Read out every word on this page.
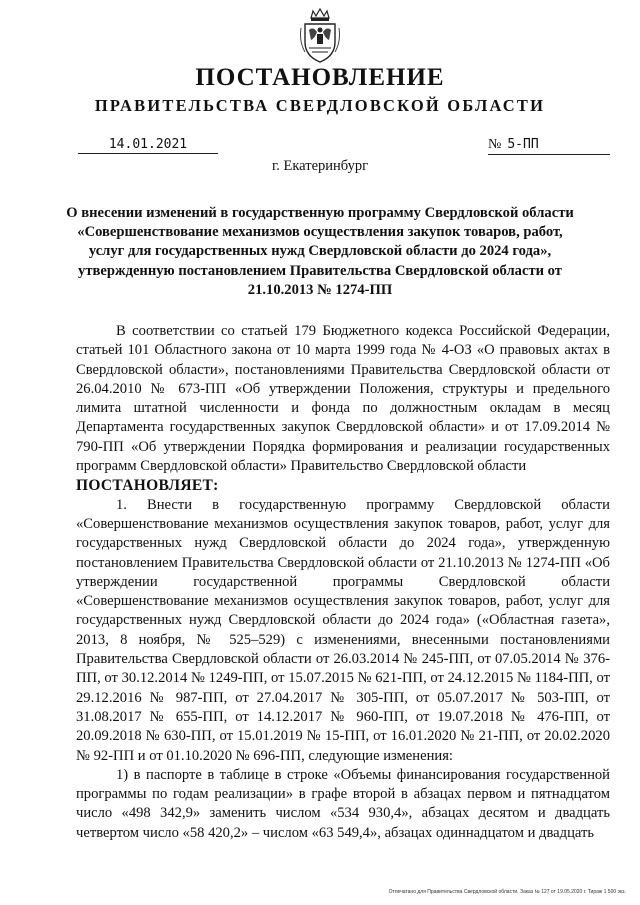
ПОСТАНОВЛЕНИЕ
ПРАВИТЕЛЬСТВА СВЕРДЛОВСКОЙ ОБЛАСТИ
14.01.2021	№ 5-ПП
г. Екатеринбург
О внесении изменений в государственную программу Свердловской области «Совершенствование механизмов осуществления закупок товаров, работ, услуг для государственных нужд Свердловской области до 2024 года», утвержденную постановлением Правительства Свердловской области от 21.10.2013 № 1274-ПП

В соответствии со статьей 179 Бюджетного кодекса Российской Федерации, статьей 101 Областного закона от 10 марта 1999 года № 4-ОЗ «О правовых актах в Свердловской области», постановлениями Правительства Свердловской области от 26.04.2010 № 673-ПП «Об утверждении Положения, структуры и предельного лимита штатной численности и фонда по должностным окладам в месяц Департамента государственных закупок Свердловской области» и от 17.09.2014 № 790-ПП «Об утверждении Порядка формирования и реализации государственных программ Свердловской области» Правительство Свердловской области

ПОСТАНОВЛЯЕТ:

1. Внести в государственную программу Свердловской области «Совершенствование механизмов осуществления закупок товаров, работ, услуг для государственных нужд Свердловской области до 2024 года», утвержденную постановлением Правительства Свердловской области от 21.10.2013 № 1274-ПП «Об утверждении государственной программы Свердловской области «Совершенствование механизмов осуществления закупок товаров, работ, услуг для государственных нужд Свердловской области до 2024 года» («Областная газета», 2013, 8 ноября, № 525–529) с изменениями, внесенными постановлениями Правительства Свердловской области от 26.03.2014 № 245-ПП, от 07.05.2014 № 376-ПП, от 30.12.2014 № 1249-ПП, от 15.07.2015 № 621-ПП, от 24.12.2015 № 1184-ПП, от 29.12.2016 № 987-ПП, от 27.04.2017 № 305-ПП, от 05.07.2017 № 503-ПП, от 31.08.2017 № 655-ПП, от 14.12.2017 № 960-ПП, от 19.07.2018 № 476-ПП, от 20.09.2018 № 630-ПП, от 15.01.2019 № 15-ПП, от 16.01.2020 № 21-ПП, от 20.02.2020 № 92-ПП и от 01.10.2020 № 696-ПП, следующие изменения:

1) в паспорте в таблице в строке «Объемы финансирования государственной программы по годам реализации» в графе второй в абзацах первом и пятнадцатом число «498 342,9» заменить числом «534 930,4», абзацах десятом и двадцать четвертом число «58 420,2» – числом «63 549,4», абзацах одиннадцатом и двадцать

Отпечатано для Правительства Свердловской области. Заказ № 127 от 19.05.2020 г. Тираж 1 500 экз.
